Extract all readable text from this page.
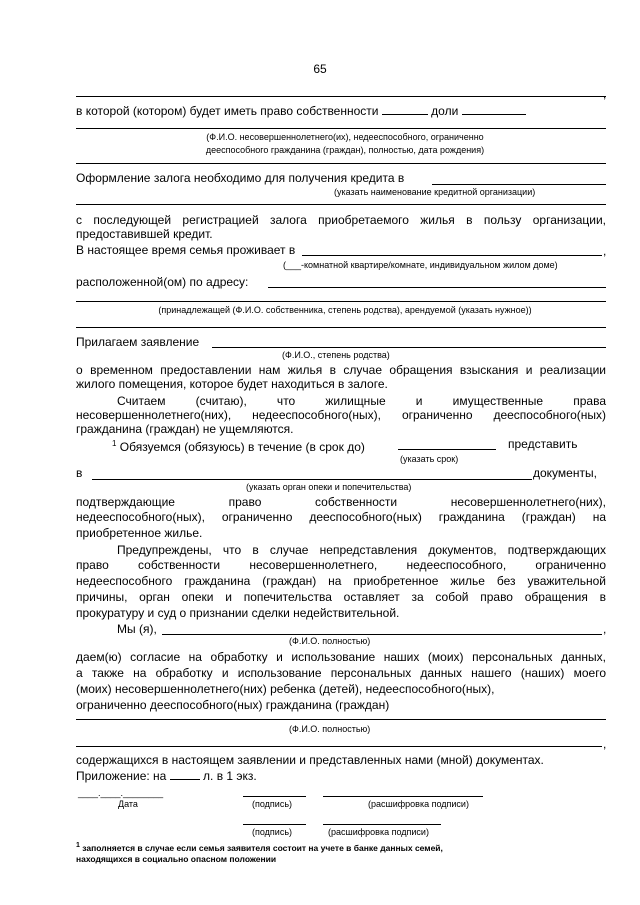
65
,
в которой (котором) будет иметь право собственности	доли
(Ф.И.О. несовершеннолетнего(их), недееспособного, ограниченно
дееспособного гражданина (граждан), полностью, дата рождения)
Оформление залога необходимо для получения кредита в
(указать наименование кредитной организации)
с последующей регистрацией залога приобретаемого жилья в пользу организации,
предоставившей кредит.
В настоящее время семья проживает в	,
(___-комнатной квартире/комнате, индивидуальном жилом доме)
расположенной(ом) по адресу:
(принадлежащей (Ф.И.О. собственника, степень родства), арендуемой (указать нужное))
Прилагаем заявление
(Ф.И.О., степень родства)
о временном предоставлении нам жилья в случае обращения взыскания и реализации
жилого помещения, которое будет находиться в залоге.
Считаем (считаю), что жилищные и имущественные права
несовершеннолетнего(них), недееспособного(ных), ограниченно дееспособного(ных)
гражданина (граждан) не ущемляются.
$^1$ Обязуемся (обязуюсь) в течение (в срок до)	представить
(указать срок)
в	документы,
(указать орган опеки и попечительства)
подтверждающие право собственности несовершеннолетнего(них),
недееспособного(ных), ограниченно дееспособного(ных) гражданина (граждан) на
приобретенное жилье.
Предупреждены, что в случае непредставления документов, подтверждающих
право собственности несовершеннолетнего, недееспособного, ограниченно
недееспособного гражданина (граждан) на приобретенное жилье без уважительной
причины, орган опеки и попечительства оставляет за собой право обращения в
прокуратуру и суд о признании сделки недействительной.
Мы (я),	,
(Ф.И.О. полностью)
даем(ю) согласие на обработку и использование наших (моих) персональных данных,
а также на обработку и использование персональных данных нашего (наших) моего
(моих) несовершеннолетнего(них) ребенка (детей), недееспособного(ных),
ограниченно дееспособного(ных) гражданина (граждан)
(Ф.И.О. полностью)
,
содержащихся в настоящем заявлении и представленных нами (мной) документах.
Приложение: на	л. в 1 экз.
____.____.________
Дата	(подпись)	(расшифровка подписи)
(подпись)	(расшифровка подписи)
$^1$ заполняется в случае если семья заявителя состоит на учете в банке данных семей,
находящихся в социально опасном положении
